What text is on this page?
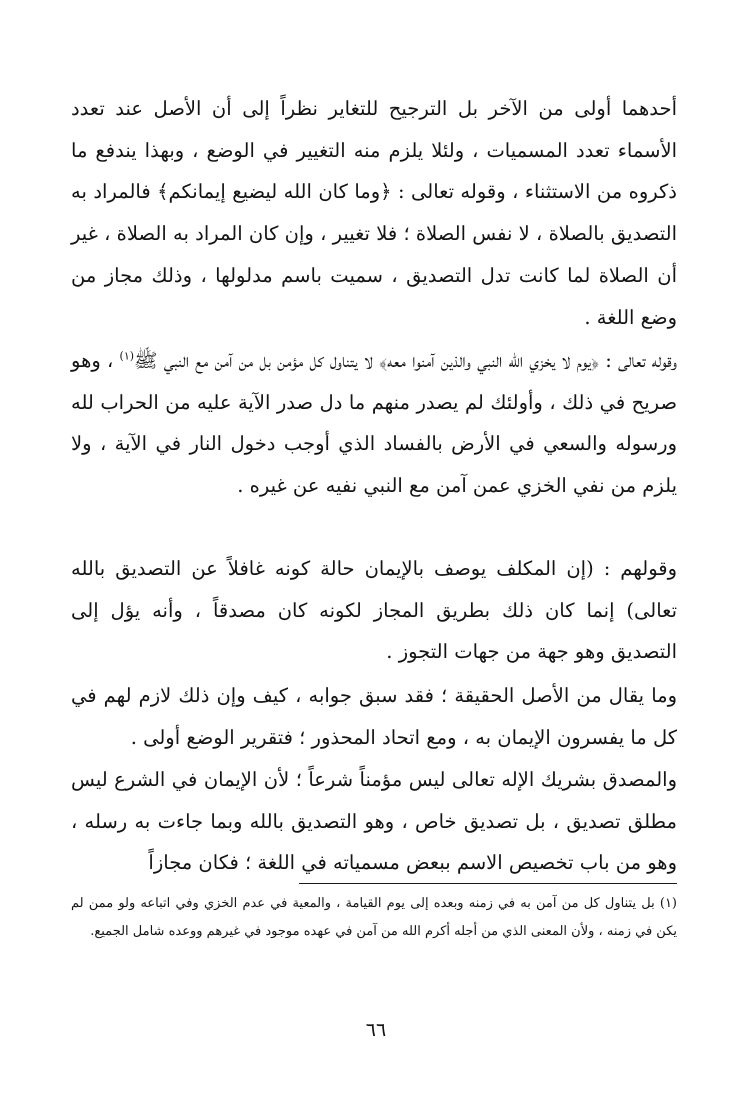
أحدهما أولى من الآخر بل الترجيح للتغاير نظراً إلى أن الأصل عند تعدد الأسماء تعدد المسميات ، ولئلا يلزم منه التغيير في الوضع ، وبهذا يندفع ما ذكروه من الاستثناء ، وقوله تعالى : ﴿وما كان الله ليضيع إيمانكم﴾ فالمراد به التصديق بالصلاة ، لا نفس الصلاة ؛ فلا تغيير ، وإن كان المراد به الصلاة ، غير أن الصلاة لما كانت تدل التصديق ، سميت باسم مدلولها ، وذلك مجاز من وضع اللغة .

وقوله تعالى : ﴿يوم لا يخزي الله النبي والذين آمنوا معه﴾ لا يتناول كل مؤمن بل من آمن مع النبي ﷺ$^{(١)}$ ، وهو صريح في ذلك ، وأولئك لم يصدر منهم ما دل صدر الآية عليه من الحراب لله ورسوله والسعي في الأرض بالفساد الذي أوجب دخول النار في الآية ، ولا يلزم من نفي الخزي عمن آمن مع النبي نفيه عن غيره .

وقولهم : (إن المكلف يوصف بالإيمان حالة كونه غافلاً عن التصديق بالله تعالى) إنما كان ذلك بطريق المجاز لكونه كان مصدقاً ، وأنه يؤل إلى التصديق وهو جهة من جهات التجوز .

وما يقال من الأصل الحقيقة ؛ فقد سبق جوابه ، كيف وإن ذلك لازم لهم في كل ما يفسرون الإيمان به ، ومع اتحاد المحذور ؛ فتقرير الوضع أولى .

والمصدق بشريك الإله تعالى ليس مؤمناً شرعاً ؛ لأن الإيمان في الشرع ليس مطلق تصديق ، بل تصديق خاص ، وهو التصديق بالله وبما جاءت به رسله ، وهو من باب تخصيص الاسم ببعض مسمياته في اللغة ؛ فكان مجازاً

(١) بل يتناول كل من آمن به في زمنه وبعده إلى يوم القيامة ، والمعية في عدم الخزي وفي اتباعه ولو ممن لم يكن في زمنه ، ولأن المعنى الذي من أجله أكرم الله من آمن في عهده موجود في غيرهم ووعده شامل الجميع.

٦٦
